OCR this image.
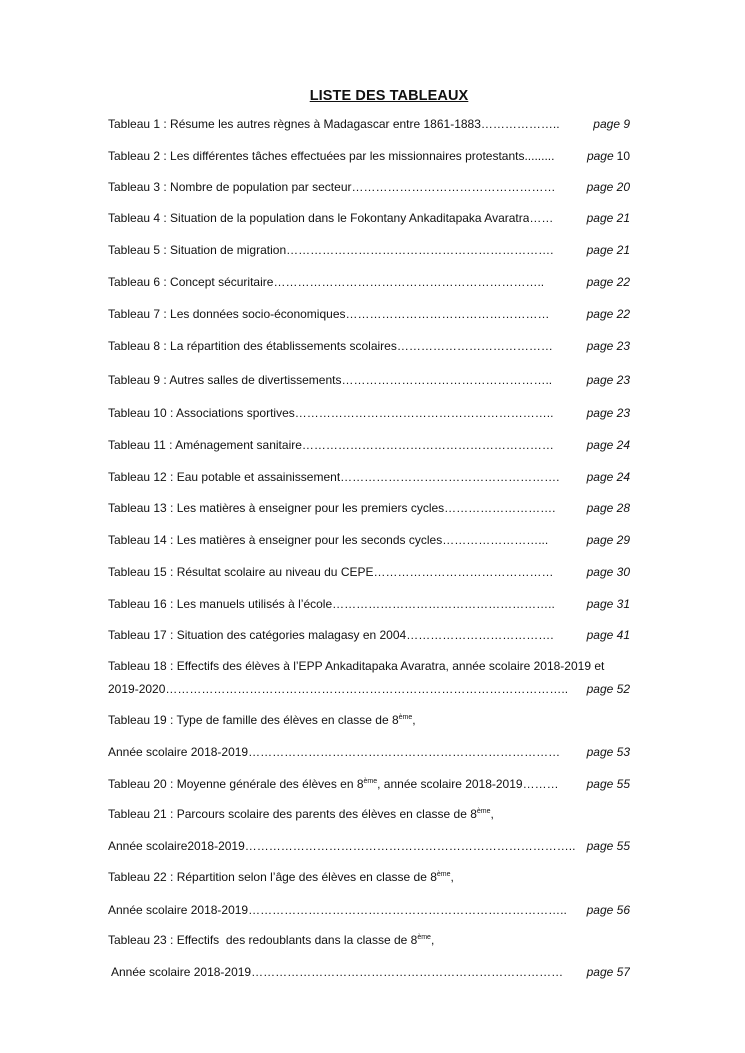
LISTE DES TABLEAUX
Tableau 1 : Résume les autres règnes à Madagascar entre 1861-1883 ………………..	page 9
Tableau 2 : Les différentes tâches effectuées par les missionnaires protestants .........	page 10
Tableau 3 : Nombre de population par secteur ……………………………………………	page 20
Tableau 4 : Situation de la population dans le Fokontany Ankaditapaka Avaratra ……	page 21
Tableau 5 : Situation de migration ………………………………………………………….	page 21
Tableau 6 : Concept sécuritaire …………………………………………………………..	page 22
Tableau 7 : Les données socio-économiques ……………………………………………	page 22
Tableau 8 : La répartition des établissements scolaires …………………………………	page 23
Tableau 9 : Autres salles de divertissements ……………………………………………..	page 23
Tableau 10 : Associations sportives ………………………………………………………..	page 23
Tableau 11 : Aménagement sanitaire ………………………………………………………	page 24
Tableau 12 : Eau potable et assainissement ……………………………………………….	page 24
Tableau 13 : Les matières à enseigner pour les premiers cycles ……………………….	page 28
Tableau 14 : Les matières à enseigner pour les seconds cycles ……………………...	page 29
Tableau 15 : Résultat scolaire au niveau du CEPE ………………………………………	page 30
Tableau 16 : Les manuels utilisés à l’école ………………………………………………..	page 31
Tableau 17 : Situation des catégories malagasy en 2004 ……………………………….	page 41
Tableau 18 : Effectifs des élèves à l’EPP Ankaditapaka Avaratra, année scolaire 2018-2019 et
2019-2020 ………………………………………………………………………………………..	page 52
Tableau 19 : Type de famille des élèves en classe de 8ème,
Année scolaire 2018-2019 ……………………………………………………………………	page 53
Tableau 20 : Moyenne générale des élèves en 8ème, année scolaire 2018-2019 ………	page 55
Tableau 21 : Parcours scolaire des parents des élèves en classe de 8ème,
Année scolaire2018-2019 ……………………………………………………………………….. page 55
Tableau 22 : Répartition selon l’âge des élèves en classe de 8ème,
Année scolaire 2018-2019 ……………………………………………………………………..	page 56
Tableau 23 : Effectifs  des redoublants dans la classe de 8ème,
Année scolaire 2018-2019 ……………………………………………………………………	page 57
